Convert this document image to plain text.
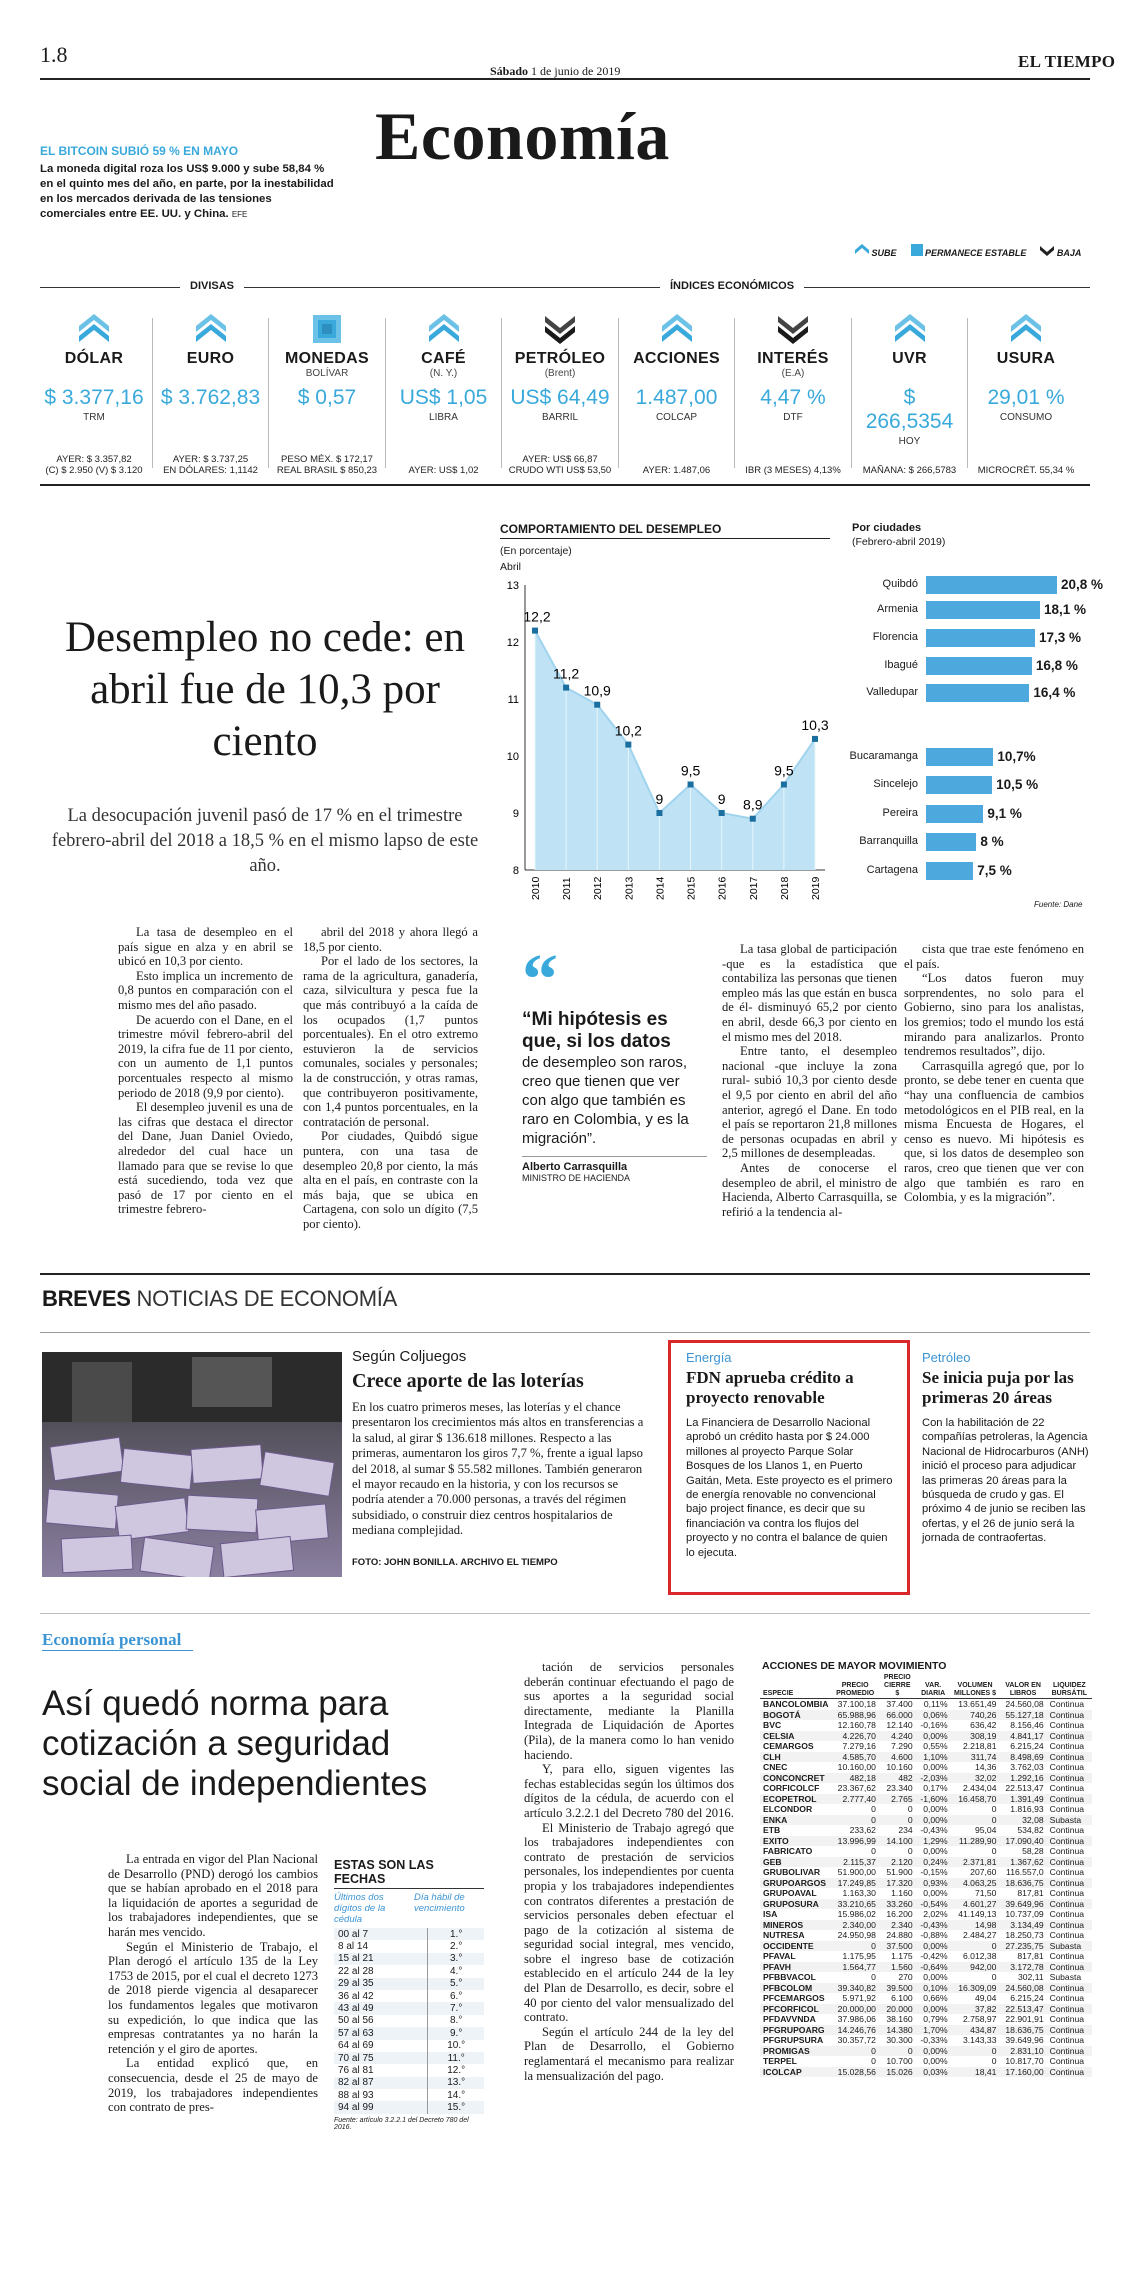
1.8
Sábado 1 de junio de 2019	EL TIEMPO
Economía
EL BITCOIN SUBIÓ 59 % EN MAYO
La moneda digital roza los US$ 9.000 y sube 58,84 % en el quinto mes del año, en parte, por la inestabilidad en los mercados derivada de las tensiones comerciales entre EE. UU. y China. EFE
SUBE	PERMANECE ESTABLE	BAJA
DIVISAS	ÍNDICES ECONÓMICOS
DÓLAR
$ 3.377,16
TRM
AYER: $ 3.357,82
(C) $ 2.950 (V) $ 3.120
EURO
$ 3.762,83
AYER: $ 3.737,25
EN DÓLARES: 1,1142
MONEDAS
BOLÍVAR
$ 0,57
PESO MÉX. $ 172,17
REAL BRASIL $ 850,23
CAFÉ
(N. Y.)
US$ 1,05
LIBRA
AYER: US$ 1,02
PETRÓLEO
(Brent)
US$ 64,49
BARRIL
AYER: US$ 66,87
CRUDO WTI US$ 53,50
ACCIONES
1.487,00
COLCAP
AYER: 1.487,06
INTERÉS
(E.A)
4,47 %
DTF
IBR (3 MESES) 4,13%
UVR
$ 266,5354
HOY
MAÑANA: $ 266,5783
USURA
29,01 %
CONSUMO
MICROCRÉT. 55,34 %
Desempleo no cede: en abril fue de 10,3 por ciento
La desocupación juvenil pasó de 17 % en el trimestre febrero-abril del 2018 a 18,5 % en el mismo lapso de este año.
COMPORTAMIENTO DEL DESEMPLEO
(En porcentaje)
Abril
13
12
11
10
9
8
12,2
2010
11,2
2011
10,9
2012
10,2
2013
9
2014
9,5
2015
9
2016
8,9
2017
9,5
2018
10,3
2019
Por ciudades
(Febrero-abril 2019)
Quibdó	20,8 %
Armenia	18,1 %
Florencia	17,3 %
Ibagué	16,8 %
Valledupar	16,4 %
Bucaramanga	10,7%
Sincelejo	10,5 %
Pereira	9,1 %
Barranquilla	8 %
Cartagena	7,5 %
Fuente: Dane

La tasa de desempleo en el país sigue en alza y en abril se ubicó en 10,3 por ciento.

Esto implica un incremento de 0,8 puntos en comparación con el mismo mes del año pasado.

De acuerdo con el Dane, en el trimestre móvil febrero-abril del 2019, la cifra fue de 11 por ciento, con un aumento de 1,1 puntos porcentuales respecto al mismo periodo de 2018 (9,9 por ciento).

El desempleo juvenil es una de las cifras que destaca el director del Dane, Juan Daniel Oviedo, alrededor del cual hace un llamado para que se revise lo que está sucediendo, toda vez que pasó de 17 por ciento en el trimestre febrero-

abril del 2018 y ahora llegó a 18,5 por ciento.

Por el lado de los sectores, la rama de la agricultura, ganadería, caza, silvicultura y pesca fue la que más contribuyó a la caída de los ocupados (1,7 puntos porcentuales). En el otro extremo estuvieron la de servicios comunales, sociales y personales; la de construcción, y otras ramas, que contribuyeron positivamente, con 1,4 puntos porcentuales, en la contratación de personal.

Por ciudades, Quibdó sigue puntera, con una tasa de desempleo 20,8 por ciento, la más alta en el país, en contraste con la más baja, que se ubica en Cartagena, con solo un dígito (7,5 por ciento).

“
“Mi hipótesis es que, si los datos
de desempleo son raros, creo que tienen que ver con algo que también es raro en Colombia, y es la migración”.
Alberto Carrasquilla
MINISTRO DE HACIENDA

La tasa global de participación -que es la estadística que contabiliza las personas que tienen empleo más las que están en busca de él- disminuyó 65,2 por ciento en abril, desde 66,3 por ciento en el mismo mes del 2018.

Entre tanto, el desempleo nacional -que incluye la zona rural- subió 10,3 por ciento desde el 9,5 por ciento en abril del año anterior, agregó el Dane. En todo el país se reportaron 21,8 millones de personas ocupadas en abril y 2,5 millones de desempleadas.

Antes de conocerse el desempleo de abril, el ministro de Hacienda, Alberto Carrasquilla, se refirió a la tendencia al-

cista que trae este fenómeno en el país.

“Los datos fueron muy sorprendentes, no solo para el Gobierno, sino para los analistas, los gremios; todo el mundo los está mirando para analizarlos. Pronto tendremos resultados”, dijo.

Carrasquilla agregó que, por lo pronto, se debe tener en cuenta que “hay una confluencia de cambios metodológicos en el PIB real, en la misma Encuesta de Hogares, el censo es nuevo. Mi hipótesis es que, si los datos de desempleo son raros, creo que tienen que ver con algo que también es raro en Colombia, y es la migración”.

BREVES NOTICIAS DE ECONOMÍA
Según Coljuegos
Crece aporte de las loterías
En los cuatro primeros meses, las loterías y el chance presentaron los crecimientos más altos en transferencias a la salud, al girar $ 136.618 millones. Respecto a las primeras, aumentaron los giros 7,7 %, frente a igual lapso del 2018, al sumar $ 55.582 millones. También generaron el mayor recaudo en la historia, y con los recursos se podría atender a 70.000 personas, a través del régimen subsidiado, o construir diez centros hospitalarios de mediana complejidad.
FOTO: JOHN BONILLA. ARCHIVO EL TIEMPO
Energía
FDN aprueba crédito a proyecto renovable
La Financiera de Desarrollo Nacional aprobó un crédito hasta por $ 24.000 millones al proyecto Parque Solar Bosques de los Llanos 1, en Puerto Gaitán, Meta. Este proyecto es el primero de energía renovable no convencional bajo project finance, es decir que su financiación va contra los flujos del proyecto y no contra el balance de quien lo ejecuta.
Petróleo
Se inicia puja por las primeras 20 áreas
Con la habilitación de 22 compañías petroleras, la Agencia Nacional de Hidrocarburos (ANH) inició el proceso para adjudicar las primeras 20 áreas para la búsqueda de crudo y gas. El próximo 4 de junio se reciben las ofertas, y el 26 de junio será la jornada de contraofertas.
Economía personal
Así quedó norma para cotización a seguridad social de independientes

La entrada en vigor del Plan Nacional de Desarrollo (PND) derogó los cambios que se habían aprobado en el 2018 para la liquidación de aportes a seguridad de los trabajadores independientes, que se harán mes vencido.

Según el Ministerio de Trabajo, el Plan derogó el artículo 135 de la Ley 1753 de 2015, por el cual el decreto 1273 de 2018 pierde vigencia al desaparecer los fundamentos legales que motivaron su expedición, lo que indica que las empresas contratantes ya no harán la retención y el giro de aportes.

La entidad explicó que, en consecuencia, desde el 25 de mayo de 2019, los trabajadores independientes con contrato de pres-

ESTAS SON LAS FECHAS
Últimos dos dígitos de la cédula
Día hábil de vencimiento
00 al 7	1.°
8 al 14	2.°
15 al 21	3.°
22 al 28	4.°
29 al 35	5.°
36 al 42	6.°
43 al 49	7.°
50 al 56	8.°
57 al 63	9.°
64 al 69	10.°
70 al 75	11.°
76 al 81	12.°
82 al 87	13.°
88 al 93	14.°
94 al 99	15.°
Fuente: artículo 3.2.2.1 del Decreto 780 del 2016.

tación de servicios personales deberán continuar efectuando el pago de sus aportes a la seguridad social directamente, mediante la Planilla Integrada de Liquidación de Aportes (Pila), de la manera como lo han venido haciendo.

Y, para ello, siguen vigentes las fechas establecidas según los últimos dos dígitos de la cédula, de acuerdo con el artículo 3.2.2.1 del Decreto 780 del 2016.

El Ministerio de Trabajo agregó que los trabajadores independientes con contrato de prestación de servicios personales, los independientes por cuenta propia y los trabajadores independientes con contratos diferentes a prestación de servicios personales deben efectuar el pago de la cotización al sistema de seguridad social integral, mes vencido, sobre el ingreso base de cotización establecido en el artículo 244 de la ley del Plan de Desarrollo, es decir, sobre el 40 por ciento del valor mensualizado del contrato.

Según el artículo 244 de la ley del Plan de Desarrollo, el Gobierno reglamentará el mecanismo para realizar la mensualización del pago.

ACCIONES DE MAYOR MOVIMIENTO
ESPECIE	PRECIO PROMEDIO	PRECIO CIERRE $	VAR. DIARIA	VOLUMEN MILLONES $	VALOR EN LIBROS	LIQUIDEZ BURSÁTIL
BANCOLOMBIA	37.100,18	37.400	0,11%	13.651,49	24.560,08	Continua
BOGOTÁ	65.988,96	66.000	0,06%	740,26	55.127,18	Continua
BVC	12.160,78	12.140	-0,16%	636,42	8.156,46	Continua
CELSIA	4.226,70	4.240	0,00%	308,19	4.841,17	Continua
CEMARGOS	7.279,16	7.290	0,55%	2.218,81	6.215,24	Continua
CLH	4.585,70	4.600	1,10%	311,74	8.498,69	Continua
CNEC	10.160,00	10.160	0,00%	14,36	3.762,03	Continua
CONCONCRET	482,18	482	-2,03%	32,02	1.292,16	Continua
CORFICOLCF	23.367,62	23.340	0,17%	2.434,04	22.513,47	Continua
ECOPETROL	2.777,40	2.765	-1,60%	16.458,70	1.391,49	Continua
ELCONDOR	0	0	0,00%	0	1.816,93	Continua
ENKA	0	0	0,00%	0	32,08	Subasta
ETB	233,62	234	-0,43%	95,04	534,82	Continua
EXITO	13.996,99	14.100	1,29%	11.289,90	17.090,40	Continua
FABRICATO	0	0	0,00%	0	58,28	Continua
GEB	2.115,37	2.120	0,24%	2.371,81	1.367,62	Continua
GRUBOLIVAR	51.900,00	51.900	-0,15%	207,60	116.557,0	Continua
GRUPOARGOS	17.249,85	17.320	0,93%	4.063,25	18.636,75	Continua
GRUPOAVAL	1.163,30	1.160	0,00%	71,50	817,81	Continua
GRUPOSURA	33.210,65	33.260	-0,54%	4.601,27	39.649,96	Continua
ISA	15.986,02	16.200	2,02%	41.149,13	10.737,09	Continua
MINEROS	2.340,00	2.340	-0,43%	14,98	3.134,49	Continua
NUTRESA	24.950,98	24.880	-0,88%	2.484,27	18.250,73	Continua
OCCIDENTE	0	37.500	0,00%	0	27.235,75	Subasta
PFAVAL	1.175,95	1.175	-0,42%	6.012,38	817,81	Continua
PFAVH	1.564,77	1.560	-0,64%	942,00	3.172,78	Continua
PFBBVACOL	0	270	0,00%	0	302,11	Subasta
PFBCOLOM	39.340,82	39.500	0,10%	16.309,09	24.560,08	Continua
PFCEMARGOS	5.971,92	6.100	0,66%	49,04	6.215,24	Continua
PFCORFICOL	20.000,00	20.000	0,00%	37,82	22.513,47	Continua
PFDAVVNDA	37.986,06	38.160	0,79%	2.758,97	22.901,91	Continua
PFGRUPOARG	14.246,76	14.380	1,70%	434,87	18.636,75	Continua
PFGRUPSURA	30.357,72	30.300	-0,33%	3.143,33	39.649,96	Continua
PROMIGAS	0	0	0,00%	0	2.831,10	Continua
TERPEL	0	10.700	0,00%	0	10.817,70	Continua
ICOLCAP	15.028,56	15.026	0,03%	18,41	17.160,00	Continua
